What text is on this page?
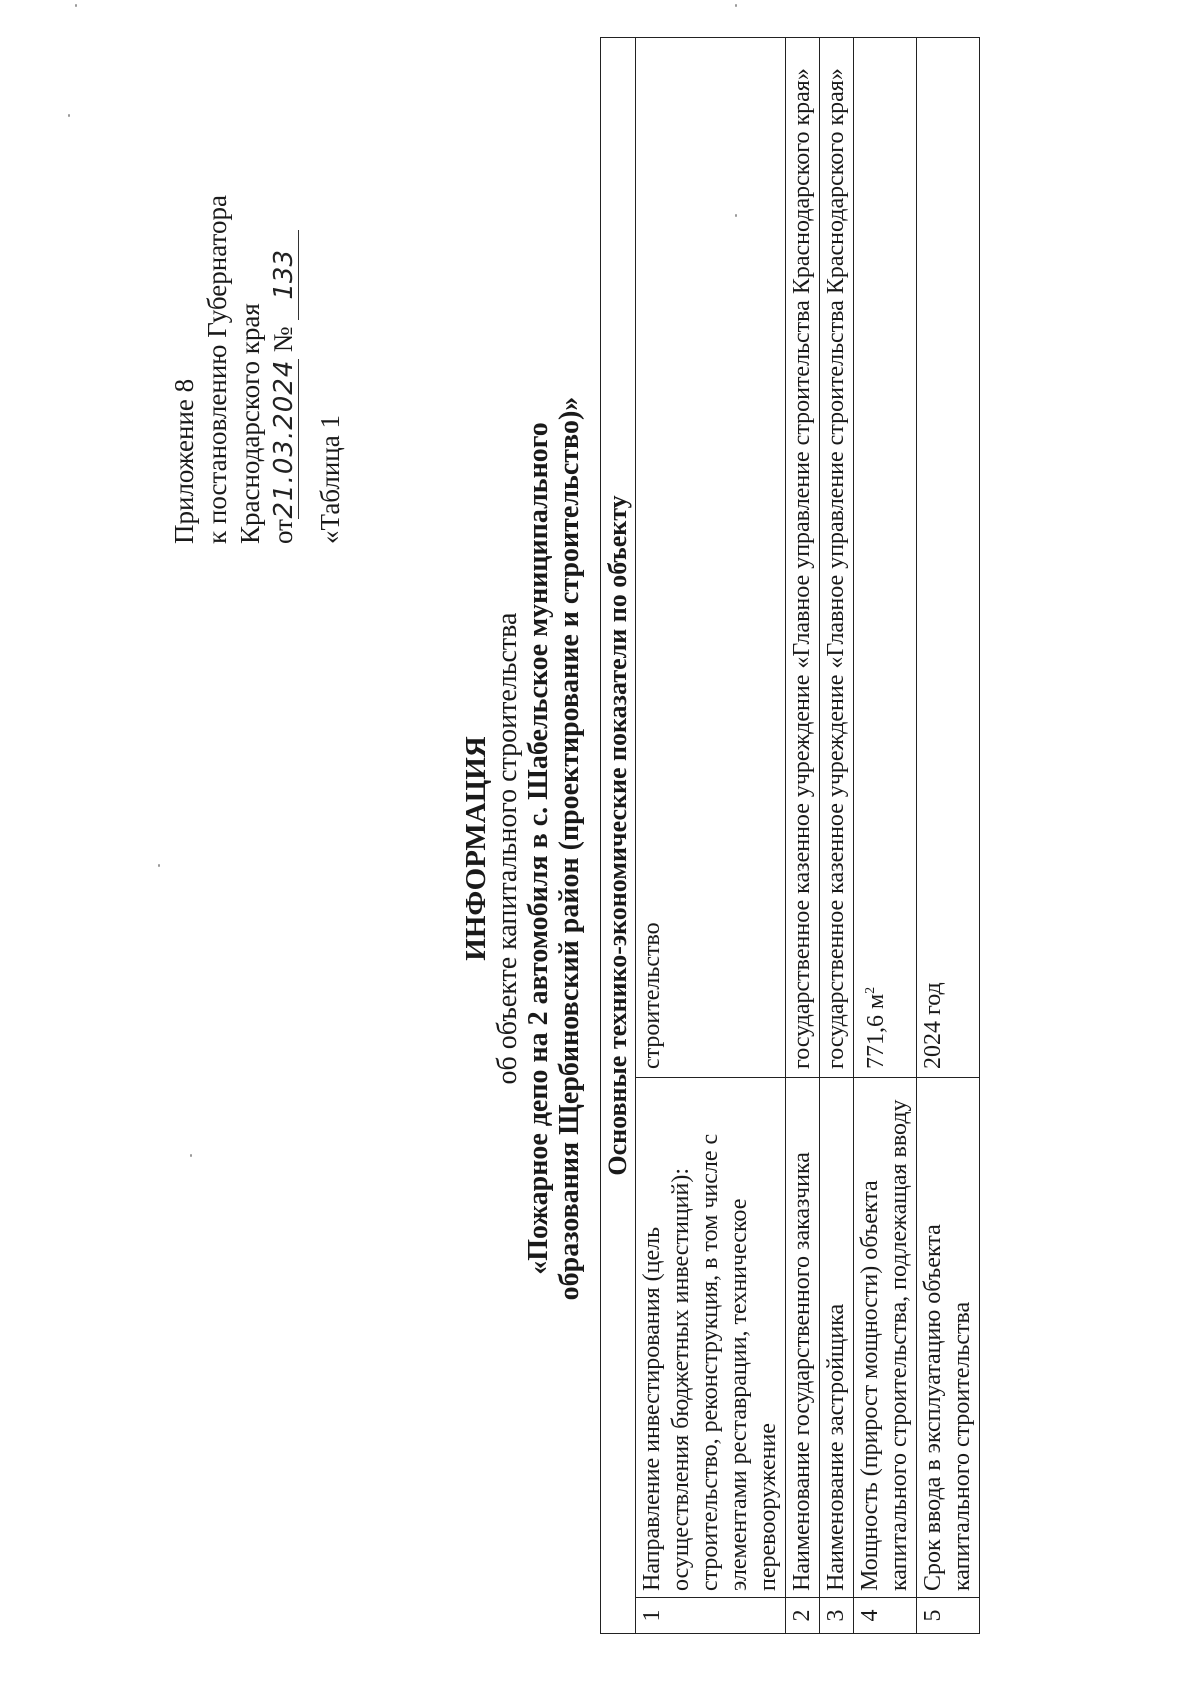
Приложение 8 к постановлению Губернатора Краснодарского края от21.03.2024 № 133
«Таблица 1
ИНФОРМАЦИЯ об объекте капитального строительства «Пожарное депо на 2 автомобиля в с. Шабельское муниципального образования Щербиновский район (проектирование и строительство)» Основные технико-экономические показатели по объекту		
1	Направление инвестирования (цель осуществления бюджетных инвестиций): строительство, реконструкция, в том числе с элементами реставрации, техническое перевооружение	строительство
2	Наименование государственного заказчика	государственное казенное учреждение «Главное управление строительства Краснодарского края»
3	Наименование застройщика	государственное казенное учреждение «Главное управление строительства Краснодарского края»
4	Мощность (прирост мощности) объекта капитального строительства, подлежащая вводу	771,6 $м^2$
5	Срок ввода в эксплуатацию объекта капитального строительства	2024 год
